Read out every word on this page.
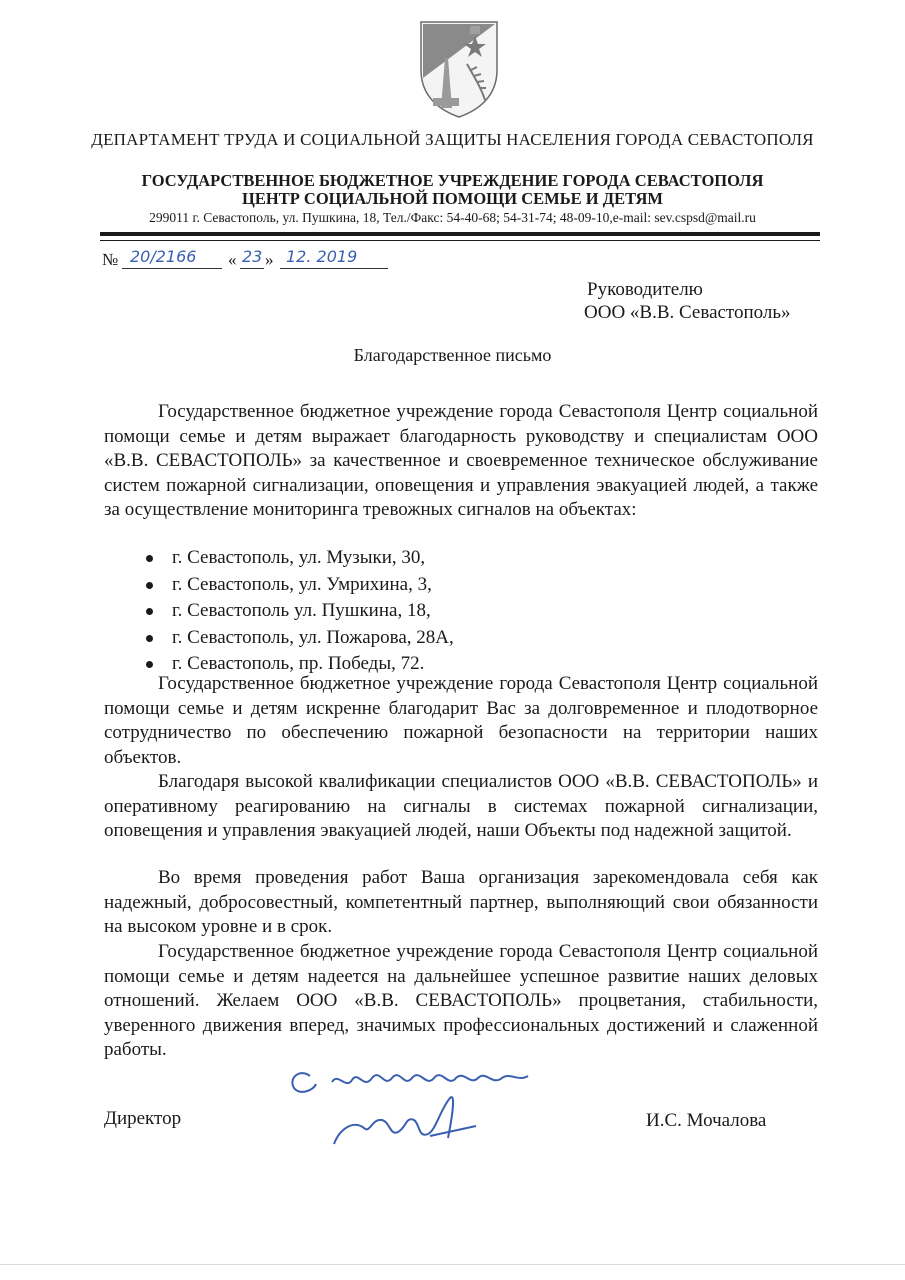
ДЕПАРТАМЕНТ ТРУДА И СОЦИАЛЬНОЙ ЗАЩИТЫ НАСЕЛЕНИЯ ГОРОДА СЕВАСТОПОЛЯ
ГОСУДАРСТВЕННОЕ БЮДЖЕТНОЕ УЧРЕЖДЕНИЕ ГОРОДА СЕВАСТОПОЛЯ
ЦЕНТР СОЦИАЛЬНОЙ ПОМОЩИ СЕМЬЕ И ДЕТЯМ
299011 г. Севастополь, ул. Пушкина, 18, Тел./Факс: 54-40-68; 54-31-74; 48-09-10,e-mail: sev.cspsd@mail.ru
№ 20/2166 « 23 » 12. 2019
Руководителю
ООО «В.В. Севастополь»
Благодарственное письмо

Государственное бюджетное учреждение города Севастополя Центр социальной помощи семье и детям выражает благодарность руководству и специалистам ООО «В.В. СЕВАСТОПОЛЬ» за качественное и своевременное техническое обслуживание систем пожарной сигнализации, оповещения и управления эвакуацией людей, а также за осуществление мониторинга тревожных сигналов на объектах:

г. Севастополь, ул. Музыки, 30,
г. Севастополь, ул. Умрихина, 3,
г. Севастополь ул. Пушкина, 18,
г. Севастополь, ул. Пожарова, 28А,
г. Севастополь, пр. Победы, 72.

Государственное бюджетное учреждение города Севастополя Центр социальной помощи семье и детям искренне благодарит Вас за долговременное и плодотворное сотрудничество по обеспечению пожарной безопасности на территории наших объектов.

Благодаря высокой квалификации специалистов ООО «В.В. СЕВАСТОПОЛЬ» и оперативному реагированию на сигналы в системах пожарной сигнализации, оповещения и управления эвакуацией людей, наши Объекты под надежной защитой.

Во время проведения работ Ваша организация зарекомендовала себя как надежный, добросовестный, компетентный партнер, выполняющий свои обязанности на высоком уровне и в срок.

Государственное бюджетное учреждение города Севастополя Центр социальной помощи семье и детям надеется на дальнейшее успешное развитие наших деловых отношений. Желаем ООО «В.В. СЕВАСТОПОЛЬ» процветания, стабильности, уверенного движения вперед, значимых профессиональных достижений и слаженной работы.

Директор	И.С. Мочалова
